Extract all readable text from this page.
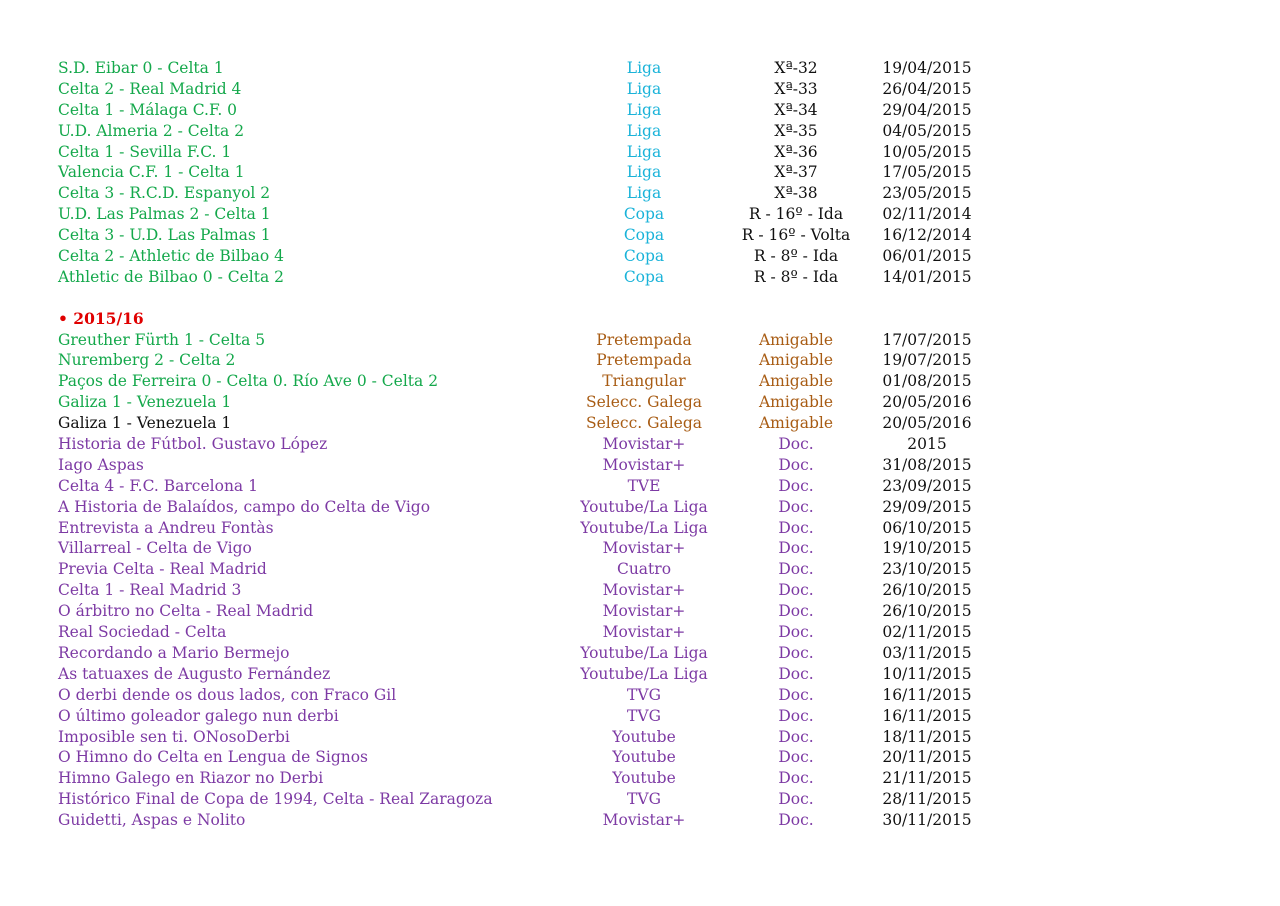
S.D. Eibar 0 - Celta 1	Liga	Xª-32	19/04/2015
Celta 2 - Real Madrid 4	Liga	Xª-33	26/04/2015
Celta 1 - Málaga C.F. 0	Liga	Xª-34	29/04/2015
U.D. Almeria 2 - Celta 2	Liga	Xª-35	04/05/2015
Celta 1 - Sevilla F.C. 1	Liga	Xª-36	10/05/2015
Valencia C.F. 1 - Celta 1	Liga	Xª-37	17/05/2015
Celta 3 - R.C.D. Espanyol 2	Liga	Xª-38	23/05/2015
U.D. Las Palmas 2 - Celta 1	Copa	R - 16º - Ida	02/11/2014
Celta 3 - U.D. Las Palmas 1	Copa	R - 16º - Volta	16/12/2014
Celta 2 - Athletic de Bilbao 4	Copa	R - 8º - Ida	06/01/2015
Athletic de Bilbao 0 - Celta 2	Copa	R - 8º - Ida	14/01/2015
• 2015/16
Greuther Fürth 1 - Celta 5	Pretempada	Amigable	17/07/2015
Nuremberg 2 - Celta 2	Pretempada	Amigable	19/07/2015
Paços de Ferreira 0 - Celta 0. Río Ave 0 - Celta 2	Triangular	Amigable	01/08/2015
Galiza 1 - Venezuela 1	Selecc. Galega	Amigable	20/05/2016
Galiza 1 - Venezuela 1	Selecc. Galega	Amigable	20/05/2016
Historia de Fútbol. Gustavo López	Movistar+	Doc.	2015
Iago Aspas	Movistar+	Doc.	31/08/2015
Celta 4 - F.C. Barcelona 1	TVE	Doc.	23/09/2015
A Historia de Balaídos, campo do Celta de Vigo	Youtube/La Liga	Doc.	29/09/2015
Entrevista a Andreu Fontàs	Youtube/La Liga	Doc.	06/10/2015
Villarreal - Celta de Vigo	Movistar+	Doc.	19/10/2015
Previa Celta - Real Madrid	Cuatro	Doc.	23/10/2015
Celta 1 - Real Madrid 3	Movistar+	Doc.	26/10/2015
O árbitro no Celta - Real Madrid	Movistar+	Doc.	26/10/2015
Real Sociedad - Celta	Movistar+	Doc.	02/11/2015
Recordando a Mario Bermejo	Youtube/La Liga	Doc.	03/11/2015
As tatuaxes de Augusto Fernández	Youtube/La Liga	Doc.	10/11/2015
O derbi dende os dous lados, con Fraco Gil	TVG	Doc.	16/11/2015
O último goleador galego nun derbi	TVG	Doc.	16/11/2015
Imposible sen ti. ONosoDerbi	Youtube	Doc.	18/11/2015
O Himno do Celta en Lengua de Signos	Youtube	Doc.	20/11/2015
Himno Galego en Riazor no Derbi	Youtube	Doc.	21/11/2015
Histórico Final de Copa de 1994, Celta - Real Zaragoza	TVG	Doc.	28/11/2015
Guidetti, Aspas e Nolito	Movistar+	Doc.	30/11/2015
